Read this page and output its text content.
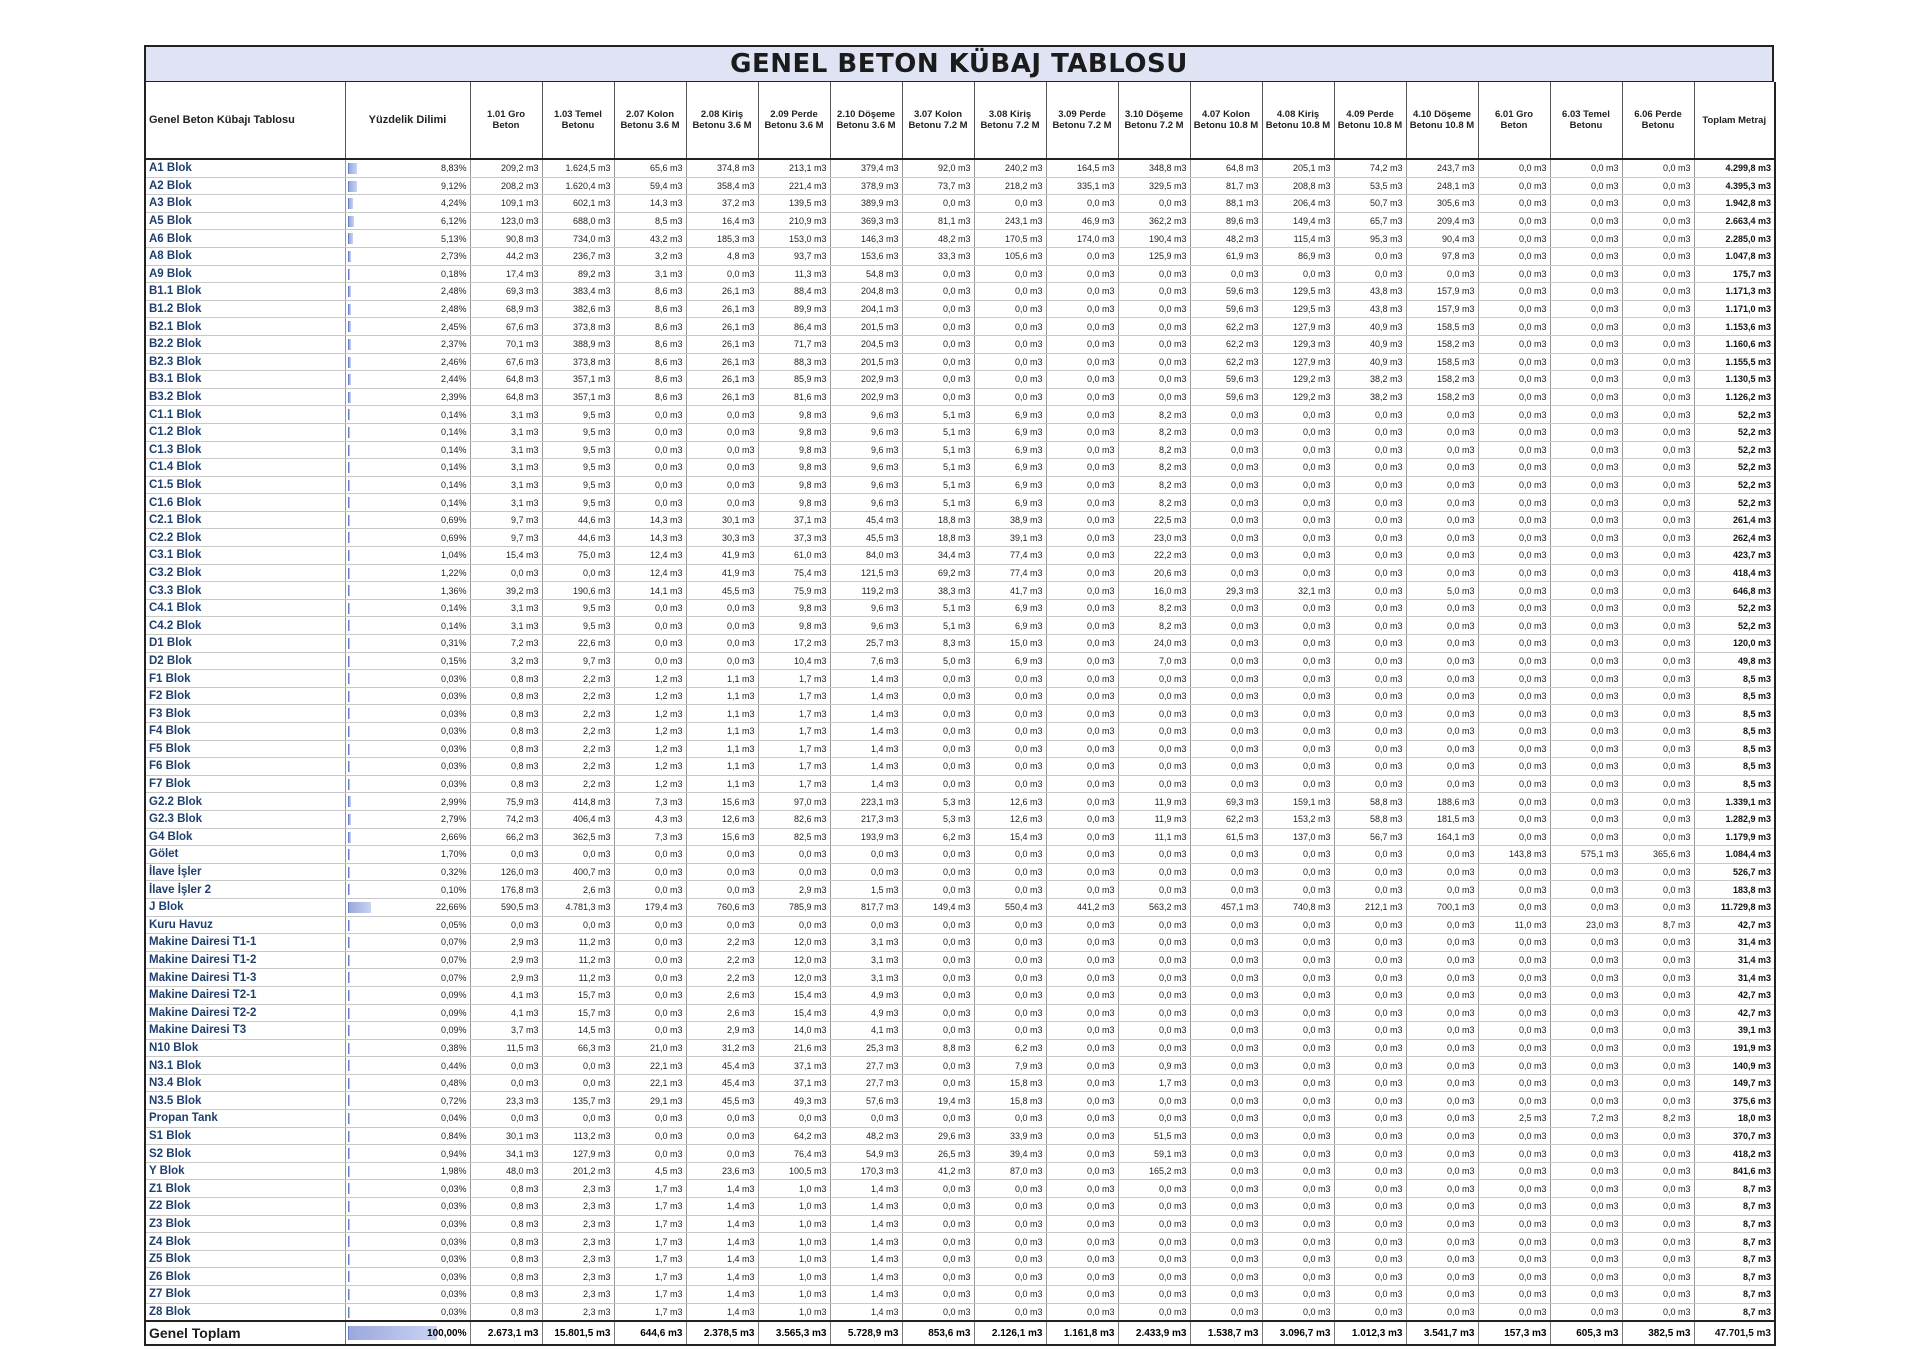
GENEL BETON KÜBAJ TABLOSU
Genel Beton Kübajı Tablosu	Yüzdelik Dilimi	1.01 Gro Beton	1.03 Temel Betonu	2.07 Kolon Betonu 3.6 M	2.08 Kiriş Betonu 3.6 M	2.09 Perde Betonu 3.6 M	2.10 Döşeme Betonu 3.6 M	3.07 Kolon Betonu 7.2 M	3.08 Kiriş Betonu 7.2 M	3.09 Perde Betonu 7.2 M	3.10 Döşeme Betonu 7.2 M	4.07 Kolon Betonu 10.8 M	4.08 Kiriş Betonu 10.8 M	4.09 Perde Betonu 10.8 M	4.10 Döşeme Betonu 10.8 M	6.01 Gro Beton	6.03 Temel Betonu	6.06 Perde Betonu	Toplam Metraj
A1 Blok	8,83%	209,2 m3	1.624,5 m3	65,6 m3	374,8 m3	213,1 m3	379,4 m3	92,0 m3	240,2 m3	164,5 m3	348,8 m3	64,8 m3	205,1 m3	74,2 m3	243,7 m3	0,0 m3	0,0 m3	0,0 m3	4.299,8 m3
A2 Blok	9,12%	208,2 m3	1.620,4 m3	59,4 m3	358,4 m3	221,4 m3	378,9 m3	73,7 m3	218,2 m3	335,1 m3	329,5 m3	81,7 m3	208,8 m3	53,5 m3	248,1 m3	0,0 m3	0,0 m3	0,0 m3	4.395,3 m3
A3 Blok	4,24%	109,1 m3	602,1 m3	14,3 m3	37,2 m3	139,5 m3	389,9 m3	0,0 m3	0,0 m3	0,0 m3	0,0 m3	88,1 m3	206,4 m3	50,7 m3	305,6 m3	0,0 m3	0,0 m3	0,0 m3	1.942,8 m3
A5 Blok	6,12%	123,0 m3	688,0 m3	8,5 m3	16,4 m3	210,9 m3	369,3 m3	81,1 m3	243,1 m3	46,9 m3	362,2 m3	89,6 m3	149,4 m3	65,7 m3	209,4 m3	0,0 m3	0,0 m3	0,0 m3	2.663,4 m3
A6 Blok	5,13%	90,8 m3	734,0 m3	43,2 m3	185,3 m3	153,0 m3	146,3 m3	48,2 m3	170,5 m3	174,0 m3	190,4 m3	48,2 m3	115,4 m3	95,3 m3	90,4 m3	0,0 m3	0,0 m3	0,0 m3	2.285,0 m3
A8 Blok	2,73%	44,2 m3	236,7 m3	3,2 m3	4,8 m3	93,7 m3	153,6 m3	33,3 m3	105,6 m3	0,0 m3	125,9 m3	61,9 m3	86,9 m3	0,0 m3	97,8 m3	0,0 m3	0,0 m3	0,0 m3	1.047,8 m3
A9 Blok	0,18%	17,4 m3	89,2 m3	3,1 m3	0,0 m3	11,3 m3	54,8 m3	0,0 m3	0,0 m3	0,0 m3	0,0 m3	0,0 m3	0,0 m3	0,0 m3	0,0 m3	0,0 m3	0,0 m3	0,0 m3	175,7 m3
B1.1 Blok	2,48%	69,3 m3	383,4 m3	8,6 m3	26,1 m3	88,4 m3	204,8 m3	0,0 m3	0,0 m3	0,0 m3	0,0 m3	59,6 m3	129,5 m3	43,8 m3	157,9 m3	0,0 m3	0,0 m3	0,0 m3	1.171,3 m3
B1.2 Blok	2,48%	68,9 m3	382,6 m3	8,6 m3	26,1 m3	89,9 m3	204,1 m3	0,0 m3	0,0 m3	0,0 m3	0,0 m3	59,6 m3	129,5 m3	43,8 m3	157,9 m3	0,0 m3	0,0 m3	0,0 m3	1.171,0 m3
B2.1 Blok	2,45%	67,6 m3	373,8 m3	8,6 m3	26,1 m3	86,4 m3	201,5 m3	0,0 m3	0,0 m3	0,0 m3	0,0 m3	62,2 m3	127,9 m3	40,9 m3	158,5 m3	0,0 m3	0,0 m3	0,0 m3	1.153,6 m3
B2.2 Blok	2,37%	70,1 m3	388,9 m3	8,6 m3	26,1 m3	71,7 m3	204,5 m3	0,0 m3	0,0 m3	0,0 m3	0,0 m3	62,2 m3	129,3 m3	40,9 m3	158,2 m3	0,0 m3	0,0 m3	0,0 m3	1.160,6 m3
B2.3 Blok	2,46%	67,6 m3	373,8 m3	8,6 m3	26,1 m3	88,3 m3	201,5 m3	0,0 m3	0,0 m3	0,0 m3	0,0 m3	62,2 m3	127,9 m3	40,9 m3	158,5 m3	0,0 m3	0,0 m3	0,0 m3	1.155,5 m3
B3.1 Blok	2,44%	64,8 m3	357,1 m3	8,6 m3	26,1 m3	85,9 m3	202,9 m3	0,0 m3	0,0 m3	0,0 m3	0,0 m3	59,6 m3	129,2 m3	38,2 m3	158,2 m3	0,0 m3	0,0 m3	0,0 m3	1.130,5 m3
B3.2 Blok	2,39%	64,8 m3	357,1 m3	8,6 m3	26,1 m3	81,6 m3	202,9 m3	0,0 m3	0,0 m3	0,0 m3	0,0 m3	59,6 m3	129,2 m3	38,2 m3	158,2 m3	0,0 m3	0,0 m3	0,0 m3	1.126,2 m3
C1.1 Blok	0,14%	3,1 m3	9,5 m3	0,0 m3	0,0 m3	9,8 m3	9,6 m3	5,1 m3	6,9 m3	0,0 m3	8,2 m3	0,0 m3	0,0 m3	0,0 m3	0,0 m3	0,0 m3	0,0 m3	0,0 m3	52,2 m3
C1.2 Blok	0,14%	3,1 m3	9,5 m3	0,0 m3	0,0 m3	9,8 m3	9,6 m3	5,1 m3	6,9 m3	0,0 m3	8,2 m3	0,0 m3	0,0 m3	0,0 m3	0,0 m3	0,0 m3	0,0 m3	0,0 m3	52,2 m3
C1.3 Blok	0,14%	3,1 m3	9,5 m3	0,0 m3	0,0 m3	9,8 m3	9,6 m3	5,1 m3	6,9 m3	0,0 m3	8,2 m3	0,0 m3	0,0 m3	0,0 m3	0,0 m3	0,0 m3	0,0 m3	0,0 m3	52,2 m3
C1.4 Blok	0,14%	3,1 m3	9,5 m3	0,0 m3	0,0 m3	9,8 m3	9,6 m3	5,1 m3	6,9 m3	0,0 m3	8,2 m3	0,0 m3	0,0 m3	0,0 m3	0,0 m3	0,0 m3	0,0 m3	0,0 m3	52,2 m3
C1.5 Blok	0,14%	3,1 m3	9,5 m3	0,0 m3	0,0 m3	9,8 m3	9,6 m3	5,1 m3	6,9 m3	0,0 m3	8,2 m3	0,0 m3	0,0 m3	0,0 m3	0,0 m3	0,0 m3	0,0 m3	0,0 m3	52,2 m3
C1.6 Blok	0,14%	3,1 m3	9,5 m3	0,0 m3	0,0 m3	9,8 m3	9,6 m3	5,1 m3	6,9 m3	0,0 m3	8,2 m3	0,0 m3	0,0 m3	0,0 m3	0,0 m3	0,0 m3	0,0 m3	0,0 m3	52,2 m3
C2.1 Blok	0,69%	9,7 m3	44,6 m3	14,3 m3	30,1 m3	37,1 m3	45,4 m3	18,8 m3	38,9 m3	0,0 m3	22,5 m3	0,0 m3	0,0 m3	0,0 m3	0,0 m3	0,0 m3	0,0 m3	0,0 m3	261,4 m3
C2.2 Blok	0,69%	9,7 m3	44,6 m3	14,3 m3	30,3 m3	37,3 m3	45,5 m3	18,8 m3	39,1 m3	0,0 m3	23,0 m3	0,0 m3	0,0 m3	0,0 m3	0,0 m3	0,0 m3	0,0 m3	0,0 m3	262,4 m3
C3.1 Blok	1,04%	15,4 m3	75,0 m3	12,4 m3	41,9 m3	61,0 m3	84,0 m3	34,4 m3	77,4 m3	0,0 m3	22,2 m3	0,0 m3	0,0 m3	0,0 m3	0,0 m3	0,0 m3	0,0 m3	0,0 m3	423,7 m3
C3.2 Blok	1,22%	0,0 m3	0,0 m3	12,4 m3	41,9 m3	75,4 m3	121,5 m3	69,2 m3	77,4 m3	0,0 m3	20,6 m3	0,0 m3	0,0 m3	0,0 m3	0,0 m3	0,0 m3	0,0 m3	0,0 m3	418,4 m3
C3.3 Blok	1,36%	39,2 m3	190,6 m3	14,1 m3	45,5 m3	75,9 m3	119,2 m3	38,3 m3	41,7 m3	0,0 m3	16,0 m3	29,3 m3	32,1 m3	0,0 m3	5,0 m3	0,0 m3	0,0 m3	0,0 m3	646,8 m3
C4.1 Blok	0,14%	3,1 m3	9,5 m3	0,0 m3	0,0 m3	9,8 m3	9,6 m3	5,1 m3	6,9 m3	0,0 m3	8,2 m3	0,0 m3	0,0 m3	0,0 m3	0,0 m3	0,0 m3	0,0 m3	0,0 m3	52,2 m3
C4.2 Blok	0,14%	3,1 m3	9,5 m3	0,0 m3	0,0 m3	9,8 m3	9,6 m3	5,1 m3	6,9 m3	0,0 m3	8,2 m3	0,0 m3	0,0 m3	0,0 m3	0,0 m3	0,0 m3	0,0 m3	0,0 m3	52,2 m3
D1 Blok	0,31%	7,2 m3	22,6 m3	0,0 m3	0,0 m3	17,2 m3	25,7 m3	8,3 m3	15,0 m3	0,0 m3	24,0 m3	0,0 m3	0,0 m3	0,0 m3	0,0 m3	0,0 m3	0,0 m3	0,0 m3	120,0 m3
D2 Blok	0,15%	3,2 m3	9,7 m3	0,0 m3	0,0 m3	10,4 m3	7,6 m3	5,0 m3	6,9 m3	0,0 m3	7,0 m3	0,0 m3	0,0 m3	0,0 m3	0,0 m3	0,0 m3	0,0 m3	0,0 m3	49,8 m3
F1 Blok	0,03%	0,8 m3	2,2 m3	1,2 m3	1,1 m3	1,7 m3	1,4 m3	0,0 m3	0,0 m3	0,0 m3	0,0 m3	0,0 m3	0,0 m3	0,0 m3	0,0 m3	0,0 m3	0,0 m3	0,0 m3	8,5 m3
F2 Blok	0,03%	0,8 m3	2,2 m3	1,2 m3	1,1 m3	1,7 m3	1,4 m3	0,0 m3	0,0 m3	0,0 m3	0,0 m3	0,0 m3	0,0 m3	0,0 m3	0,0 m3	0,0 m3	0,0 m3	0,0 m3	8,5 m3
F3 Blok	0,03%	0,8 m3	2,2 m3	1,2 m3	1,1 m3	1,7 m3	1,4 m3	0,0 m3	0,0 m3	0,0 m3	0,0 m3	0,0 m3	0,0 m3	0,0 m3	0,0 m3	0,0 m3	0,0 m3	0,0 m3	8,5 m3
F4 Blok	0,03%	0,8 m3	2,2 m3	1,2 m3	1,1 m3	1,7 m3	1,4 m3	0,0 m3	0,0 m3	0,0 m3	0,0 m3	0,0 m3	0,0 m3	0,0 m3	0,0 m3	0,0 m3	0,0 m3	0,0 m3	8,5 m3
F5 Blok	0,03%	0,8 m3	2,2 m3	1,2 m3	1,1 m3	1,7 m3	1,4 m3	0,0 m3	0,0 m3	0,0 m3	0,0 m3	0,0 m3	0,0 m3	0,0 m3	0,0 m3	0,0 m3	0,0 m3	0,0 m3	8,5 m3
F6 Blok	0,03%	0,8 m3	2,2 m3	1,2 m3	1,1 m3	1,7 m3	1,4 m3	0,0 m3	0,0 m3	0,0 m3	0,0 m3	0,0 m3	0,0 m3	0,0 m3	0,0 m3	0,0 m3	0,0 m3	0,0 m3	8,5 m3
F7 Blok	0,03%	0,8 m3	2,2 m3	1,2 m3	1,1 m3	1,7 m3	1,4 m3	0,0 m3	0,0 m3	0,0 m3	0,0 m3	0,0 m3	0,0 m3	0,0 m3	0,0 m3	0,0 m3	0,0 m3	0,0 m3	8,5 m3
G2.2 Blok	2,99%	75,9 m3	414,8 m3	7,3 m3	15,6 m3	97,0 m3	223,1 m3	5,3 m3	12,6 m3	0,0 m3	11,9 m3	69,3 m3	159,1 m3	58,8 m3	188,6 m3	0,0 m3	0,0 m3	0,0 m3	1.339,1 m3
G2.3 Blok	2,79%	74,2 m3	406,4 m3	4,3 m3	12,6 m3	82,6 m3	217,3 m3	5,3 m3	12,6 m3	0,0 m3	11,9 m3	62,2 m3	153,2 m3	58,8 m3	181,5 m3	0,0 m3	0,0 m3	0,0 m3	1.282,9 m3
G4 Blok	2,66%	66,2 m3	362,5 m3	7,3 m3	15,6 m3	82,5 m3	193,9 m3	6,2 m3	15,4 m3	0,0 m3	11,1 m3	61,5 m3	137,0 m3	56,7 m3	164,1 m3	0,0 m3	0,0 m3	0,0 m3	1.179,9 m3
Gölet	1,70%	0,0 m3	0,0 m3	0,0 m3	0,0 m3	0,0 m3	0,0 m3	0,0 m3	0,0 m3	0,0 m3	0,0 m3	0,0 m3	0,0 m3	0,0 m3	0,0 m3	143,8 m3	575,1 m3	365,6 m3	1.084,4 m3
İlave İşler	0,32%	126,0 m3	400,7 m3	0,0 m3	0,0 m3	0,0 m3	0,0 m3	0,0 m3	0,0 m3	0,0 m3	0,0 m3	0,0 m3	0,0 m3	0,0 m3	0,0 m3	0,0 m3	0,0 m3	0,0 m3	526,7 m3
İlave İşler 2	0,10%	176,8 m3	2,6 m3	0,0 m3	0,0 m3	2,9 m3	1,5 m3	0,0 m3	0,0 m3	0,0 m3	0,0 m3	0,0 m3	0,0 m3	0,0 m3	0,0 m3	0,0 m3	0,0 m3	0,0 m3	183,8 m3
J Blok	22,66%	590,5 m3	4.781,3 m3	179,4 m3	760,6 m3	785,9 m3	817,7 m3	149,4 m3	550,4 m3	441,2 m3	563,2 m3	457,1 m3	740,8 m3	212,1 m3	700,1 m3	0,0 m3	0,0 m3	0,0 m3	11.729,8 m3
Kuru Havuz	0,05%	0,0 m3	0,0 m3	0,0 m3	0,0 m3	0,0 m3	0,0 m3	0,0 m3	0,0 m3	0,0 m3	0,0 m3	0,0 m3	0,0 m3	0,0 m3	0,0 m3	11,0 m3	23,0 m3	8,7 m3	42,7 m3
Makine Dairesi T1-1	0,07%	2,9 m3	11,2 m3	0,0 m3	2,2 m3	12,0 m3	3,1 m3	0,0 m3	0,0 m3	0,0 m3	0,0 m3	0,0 m3	0,0 m3	0,0 m3	0,0 m3	0,0 m3	0,0 m3	0,0 m3	31,4 m3
Makine Dairesi T1-2	0,07%	2,9 m3	11,2 m3	0,0 m3	2,2 m3	12,0 m3	3,1 m3	0,0 m3	0,0 m3	0,0 m3	0,0 m3	0,0 m3	0,0 m3	0,0 m3	0,0 m3	0,0 m3	0,0 m3	0,0 m3	31,4 m3
Makine Dairesi T1-3	0,07%	2,9 m3	11,2 m3	0,0 m3	2,2 m3	12,0 m3	3,1 m3	0,0 m3	0,0 m3	0,0 m3	0,0 m3	0,0 m3	0,0 m3	0,0 m3	0,0 m3	0,0 m3	0,0 m3	0,0 m3	31,4 m3
Makine Dairesi T2-1	0,09%	4,1 m3	15,7 m3	0,0 m3	2,6 m3	15,4 m3	4,9 m3	0,0 m3	0,0 m3	0,0 m3	0,0 m3	0,0 m3	0,0 m3	0,0 m3	0,0 m3	0,0 m3	0,0 m3	0,0 m3	42,7 m3
Makine Dairesi T2-2	0,09%	4,1 m3	15,7 m3	0,0 m3	2,6 m3	15,4 m3	4,9 m3	0,0 m3	0,0 m3	0,0 m3	0,0 m3	0,0 m3	0,0 m3	0,0 m3	0,0 m3	0,0 m3	0,0 m3	0,0 m3	42,7 m3
Makine Dairesi T3	0,09%	3,7 m3	14,5 m3	0,0 m3	2,9 m3	14,0 m3	4,1 m3	0,0 m3	0,0 m3	0,0 m3	0,0 m3	0,0 m3	0,0 m3	0,0 m3	0,0 m3	0,0 m3	0,0 m3	0,0 m3	39,1 m3
N10 Blok	0,38%	11,5 m3	66,3 m3	21,0 m3	31,2 m3	21,6 m3	25,3 m3	8,8 m3	6,2 m3	0,0 m3	0,0 m3	0,0 m3	0,0 m3	0,0 m3	0,0 m3	0,0 m3	0,0 m3	0,0 m3	191,9 m3
N3.1 Blok	0,44%	0,0 m3	0,0 m3	22,1 m3	45,4 m3	37,1 m3	27,7 m3	0,0 m3	7,9 m3	0,0 m3	0,9 m3	0,0 m3	0,0 m3	0,0 m3	0,0 m3	0,0 m3	0,0 m3	0,0 m3	140,9 m3
N3.4 Blok	0,48%	0,0 m3	0,0 m3	22,1 m3	45,4 m3	37,1 m3	27,7 m3	0,0 m3	15,8 m3	0,0 m3	1,7 m3	0,0 m3	0,0 m3	0,0 m3	0,0 m3	0,0 m3	0,0 m3	0,0 m3	149,7 m3
N3.5 Blok	0,72%	23,3 m3	135,7 m3	29,1 m3	45,5 m3	49,3 m3	57,6 m3	19,4 m3	15,8 m3	0,0 m3	0,0 m3	0,0 m3	0,0 m3	0,0 m3	0,0 m3	0,0 m3	0,0 m3	0,0 m3	375,6 m3
Propan Tank	0,04%	0,0 m3	0,0 m3	0,0 m3	0,0 m3	0,0 m3	0,0 m3	0,0 m3	0,0 m3	0,0 m3	0,0 m3	0,0 m3	0,0 m3	0,0 m3	0,0 m3	2,5 m3	7,2 m3	8,2 m3	18,0 m3
S1 Blok	0,84%	30,1 m3	113,2 m3	0,0 m3	0,0 m3	64,2 m3	48,2 m3	29,6 m3	33,9 m3	0,0 m3	51,5 m3	0,0 m3	0,0 m3	0,0 m3	0,0 m3	0,0 m3	0,0 m3	0,0 m3	370,7 m3
S2 Blok	0,94%	34,1 m3	127,9 m3	0,0 m3	0,0 m3	76,4 m3	54,9 m3	26,5 m3	39,4 m3	0,0 m3	59,1 m3	0,0 m3	0,0 m3	0,0 m3	0,0 m3	0,0 m3	0,0 m3	0,0 m3	418,2 m3
Y Blok	1,98%	48,0 m3	201,2 m3	4,5 m3	23,6 m3	100,5 m3	170,3 m3	41,2 m3	87,0 m3	0,0 m3	165,2 m3	0,0 m3	0,0 m3	0,0 m3	0,0 m3	0,0 m3	0,0 m3	0,0 m3	841,6 m3
Z1 Blok	0,03%	0,8 m3	2,3 m3	1,7 m3	1,4 m3	1,0 m3	1,4 m3	0,0 m3	0,0 m3	0,0 m3	0,0 m3	0,0 m3	0,0 m3	0,0 m3	0,0 m3	0,0 m3	0,0 m3	0,0 m3	8,7 m3
Z2 Blok	0,03%	0,8 m3	2,3 m3	1,7 m3	1,4 m3	1,0 m3	1,4 m3	0,0 m3	0,0 m3	0,0 m3	0,0 m3	0,0 m3	0,0 m3	0,0 m3	0,0 m3	0,0 m3	0,0 m3	0,0 m3	8,7 m3
Z3 Blok	0,03%	0,8 m3	2,3 m3	1,7 m3	1,4 m3	1,0 m3	1,4 m3	0,0 m3	0,0 m3	0,0 m3	0,0 m3	0,0 m3	0,0 m3	0,0 m3	0,0 m3	0,0 m3	0,0 m3	0,0 m3	8,7 m3
Z4 Blok	0,03%	0,8 m3	2,3 m3	1,7 m3	1,4 m3	1,0 m3	1,4 m3	0,0 m3	0,0 m3	0,0 m3	0,0 m3	0,0 m3	0,0 m3	0,0 m3	0,0 m3	0,0 m3	0,0 m3	0,0 m3	8,7 m3
Z5 Blok	0,03%	0,8 m3	2,3 m3	1,7 m3	1,4 m3	1,0 m3	1,4 m3	0,0 m3	0,0 m3	0,0 m3	0,0 m3	0,0 m3	0,0 m3	0,0 m3	0,0 m3	0,0 m3	0,0 m3	0,0 m3	8,7 m3
Z6 Blok	0,03%	0,8 m3	2,3 m3	1,7 m3	1,4 m3	1,0 m3	1,4 m3	0,0 m3	0,0 m3	0,0 m3	0,0 m3	0,0 m3	0,0 m3	0,0 m3	0,0 m3	0,0 m3	0,0 m3	0,0 m3	8,7 m3
Z7 Blok	0,03%	0,8 m3	2,3 m3	1,7 m3	1,4 m3	1,0 m3	1,4 m3	0,0 m3	0,0 m3	0,0 m3	0,0 m3	0,0 m3	0,0 m3	0,0 m3	0,0 m3	0,0 m3	0,0 m3	0,0 m3	8,7 m3
Z8 Blok	0,03%	0,8 m3	2,3 m3	1,7 m3	1,4 m3	1,0 m3	1,4 m3	0,0 m3	0,0 m3	0,0 m3	0,0 m3	0,0 m3	0,0 m3	0,0 m3	0,0 m3	0,0 m3	0,0 m3	0,0 m3	8,7 m3
Genel Toplam	100,00%	2.673,1 m3	15.801,5 m3	644,6 m3	2.378,5 m3	3.565,3 m3	5.728,9 m3	853,6 m3	2.126,1 m3	1.161,8 m3	2.433,9 m3	1.538,7 m3	3.096,7 m3	1.012,3 m3	3.541,7 m3	157,3 m3	605,3 m3	382,5 m3	47.701,5 m3
